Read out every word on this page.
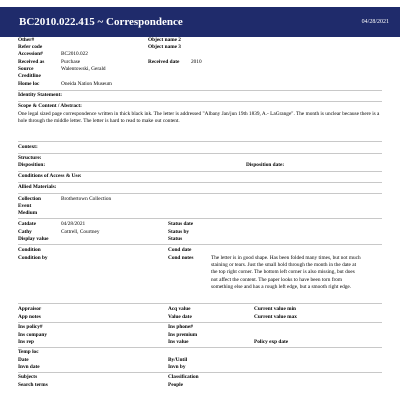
BC2010.022.415 ~ Correspondence	04/28/2021
Other#
Refer code
Accession#	BC2010.022
Received as	Purchase
Source	Walentowski, Gerald
Creditline
Home loc	Oneida Nation Museum
Object name 2
Object name 3
Received date 2010
Identity Statement:
Scope & Content / Abstract:
One legal sized page correspondence written in thick black ink. The letter is addressed "Albany Jan/jun 19th 1839, A.- LaGrange". The month is unclear because there is a hole through the middle letter. The letter is hard to read to make out content.
Context:
Structure:
Disposition:	Disposition date:
Conditions of Access & Use:
Allied Materials:
Collection	Brothertown Collection
Event
Medium
Catdate	04/28/2021
Cathy	Cottrell, Courtney
Display value
Status date
Status by
Status
Condition
Condition by
Cond date
Cond notes	The letter is in good shape. Has been folded many times, but not much staining or tears. Just the small hold through the month in the date at the top right corner. The bottom left corner is also missing, but does not affect the content. The paper looks to have been torn from something else and has a rough left edge, but a smooth right edge.
Appraisor
App notes
Acq value
Value date
Current value min
Current value max
Ins policy#
Ins company
Ins rep
Ins phone#
Ins premium
Ins value	Policy exp date
Temp loc
Date
Invn date
By/Until
Invn by
Subjects
Search terms
Classification
People
